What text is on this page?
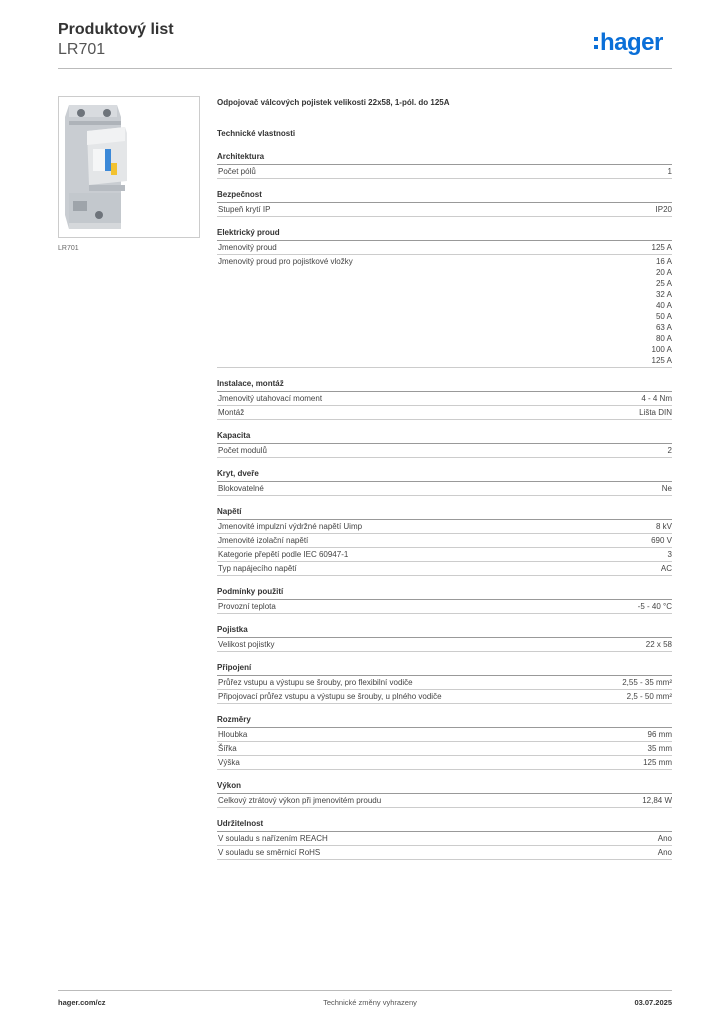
Produktový list
LR701	hager
LR701
Odpojovač válcových pojistek velikosti 22x58, 1-pól. do 125A
Technické vlastnosti
Architektura
Počet pólů	1
Bezpečnost
Stupeň krytí IP	IP20
Elektrický proud
Jmenovitý proud	125 A
Jmenovitý proud pro pojistkové vložky	16 A
20 A
25 A
32 A
40 A
50 A
63 A
80 A
100 A
125 A
Instalace, montáž
Jmenovitý utahovací moment	4 - 4 Nm
Montáž	Lišta DIN
Kapacita
Počet modulů	2
Kryt, dveře
Blokovatelné	Ne
Napětí
Jmenovité impulzní výdržné napětí Uimp	8 kV
Jmenovité izolační napětí	690 V
Kategorie přepětí podle IEC 60947-1	3
Typ napájecího napětí	AC
Podmínky použití
Provozní teplota	-5 - 40 °C
Pojistka
Velikost pojistky	22 x 58
Připojení
Průřez vstupu a výstupu se šrouby, pro flexibilní vodiče	2,55 - 35 mm²
Připojovací průřez vstupu a výstupu se šrouby, u plného vodiče	2,5 - 50 mm²
Rozměry
Hloubka	96 mm
Šířka	35 mm
Výška	125 mm
Výkon
Celkový ztrátový výkon při jmenovitém proudu	12,84 W
Udržitelnost
V souladu s nařízením REACH	Ano
V souladu se směrnicí RoHS	Ano
hager.com/cz	Technické změny vyhrazeny	03.07.2025
